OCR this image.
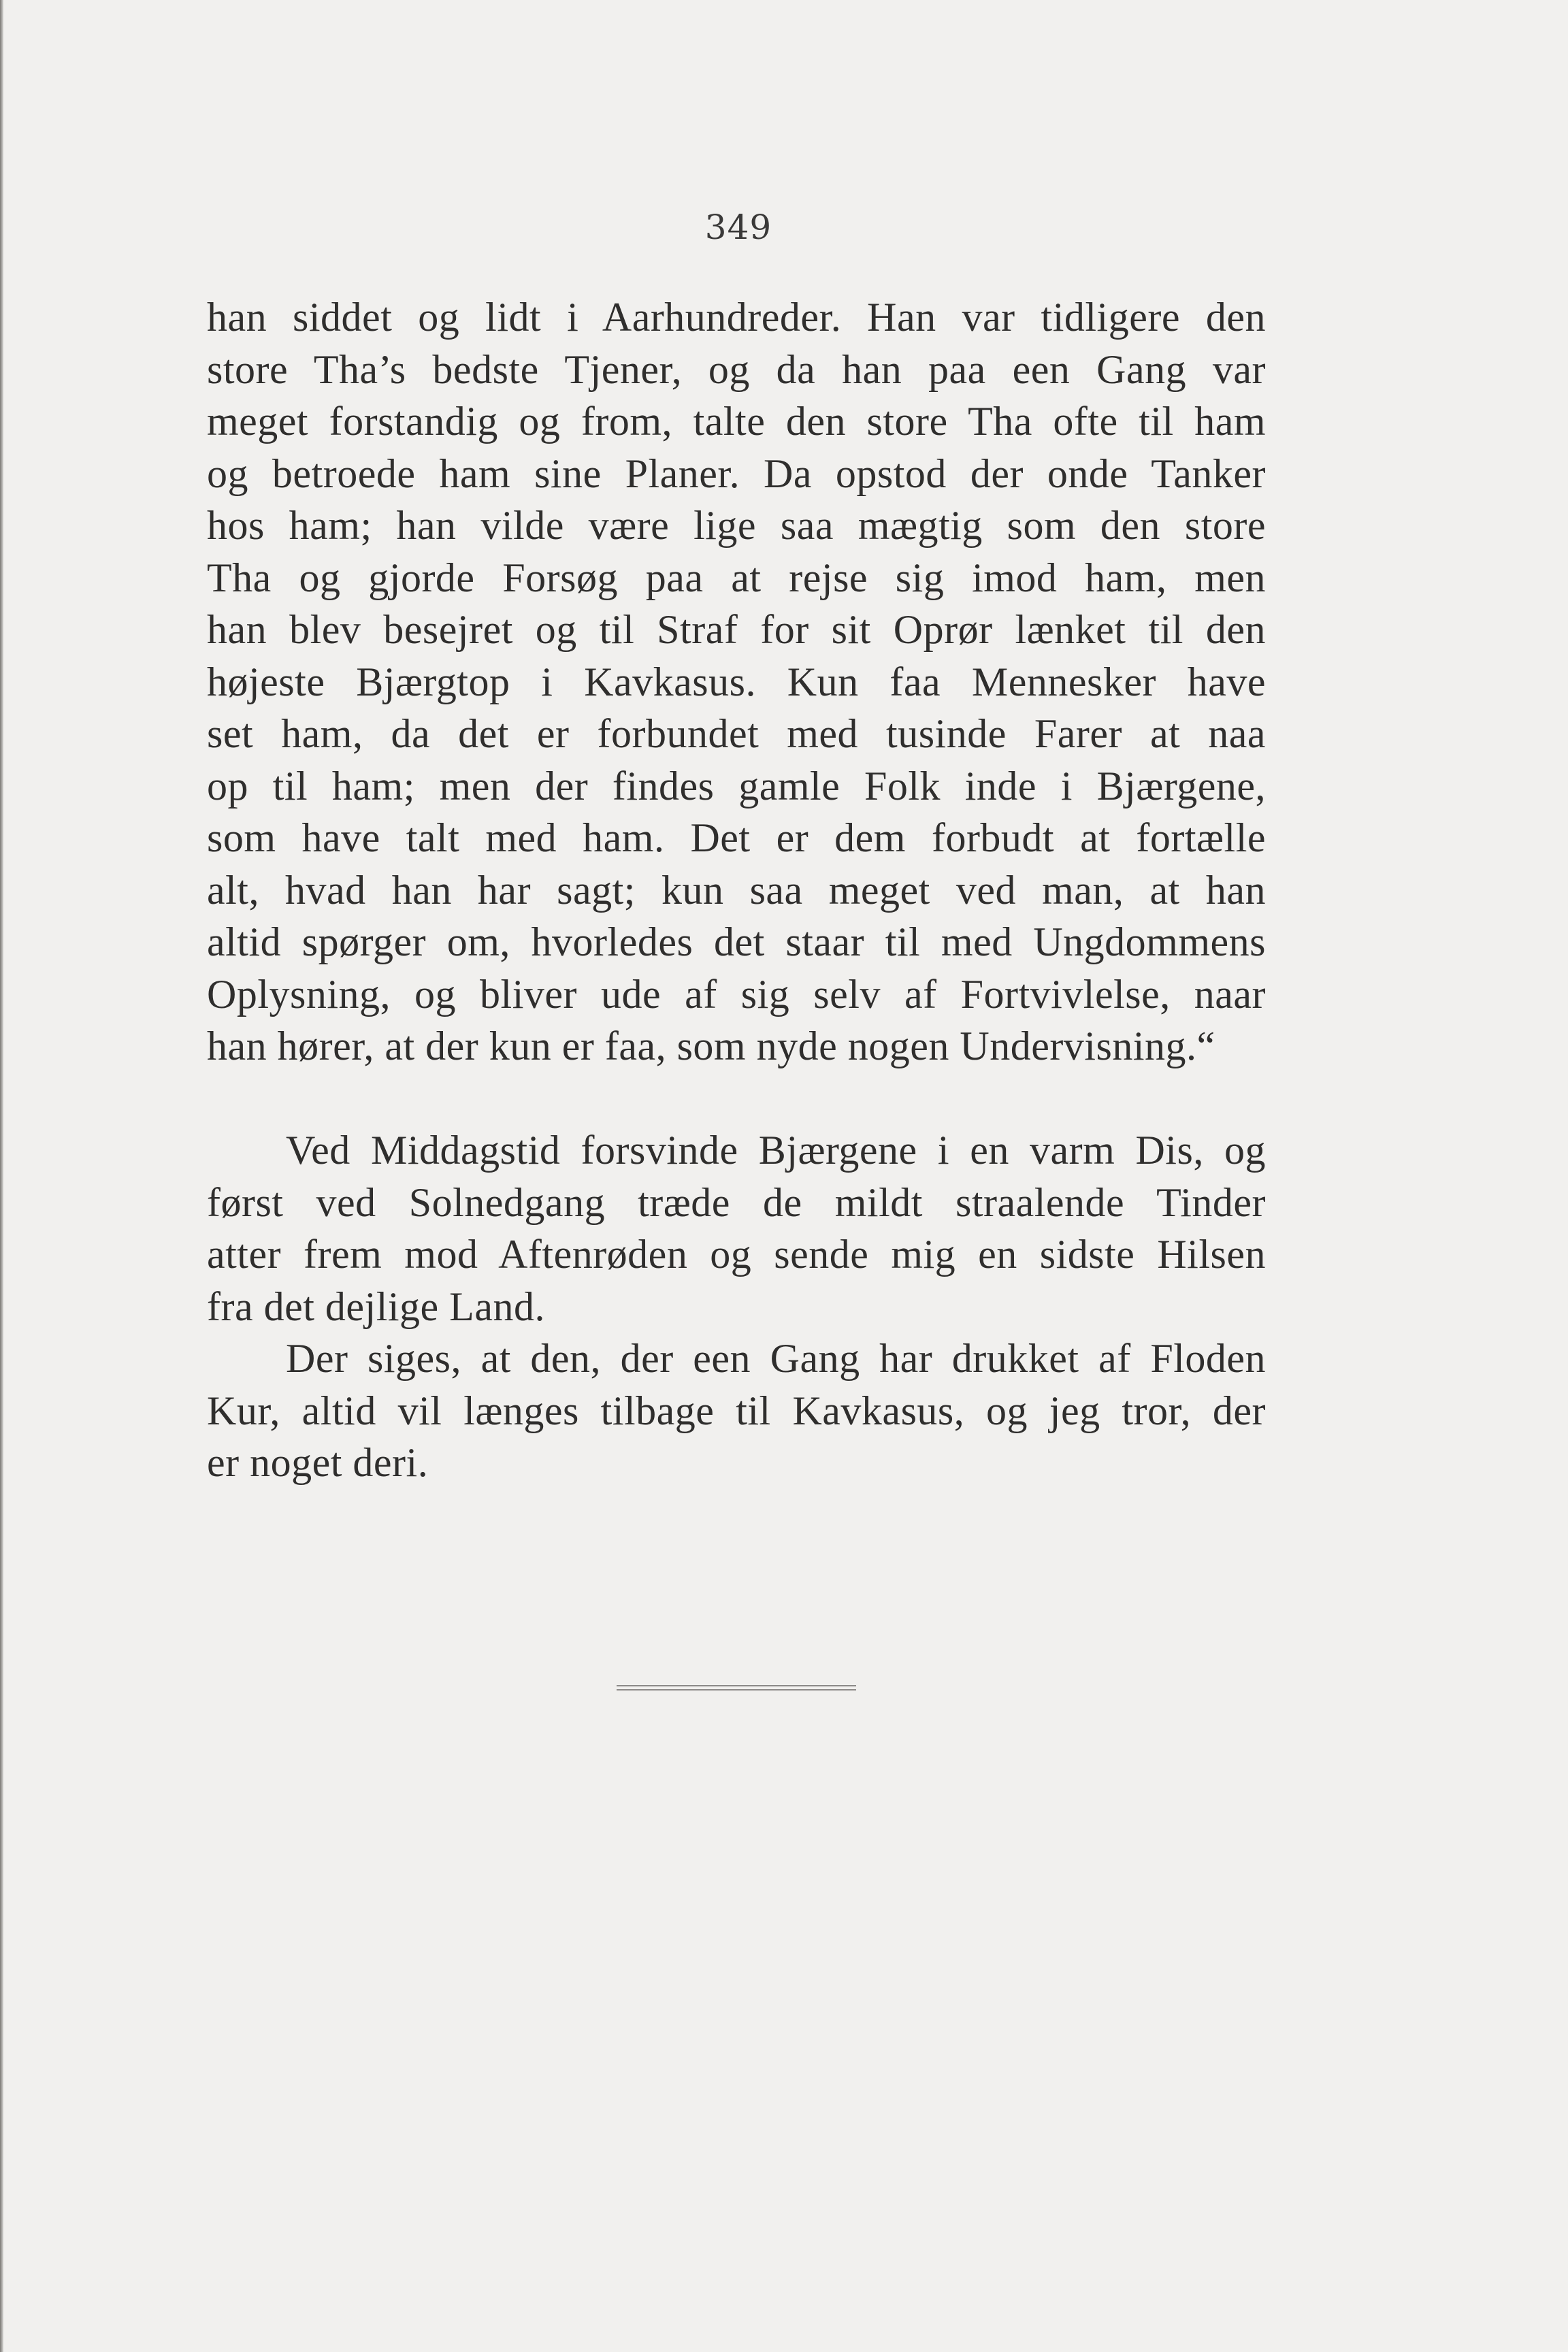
349
han siddet og lidt i Aarhundreder. Han var tidligere den
store Tha’s bedste Tjener, og da han paa een Gang var
meget forstandig og from, talte den store Tha ofte til ham
og betroede ham sine Planer. Da opstod der onde Tanker
hos ham; han vilde være lige saa mægtig som den store
Tha og gjorde Forsøg paa at rejse sig imod ham, men
han blev besejret og til Straf for sit Oprør lænket til den
højeste Bjærgtop i Kavkasus. Kun faa Mennesker have
set ham, da det er forbundet med tusinde Farer at naa
op til ham; men der findes gamle Folk inde i Bjærgene,
som have talt med ham. Det er dem forbudt at fortælle
alt, hvad han har sagt; kun saa meget ved man, at han
altid spørger om, hvorledes det staar til med Ungdommens
Oplysning, og bliver ude af sig selv af Fortvivlelse, naar
han hører, at der kun er faa, som nyde nogen Undervisning.“
Ved Middagstid forsvinde Bjærgene i en varm Dis, og
først ved Solnedgang træde de mildt straalende Tinder
atter frem mod Aftenrøden og sende mig en sidste Hilsen
fra det dejlige Land.
Der siges, at den, der een Gang har drukket af Floden
Kur, altid vil længes tilbage til Kavkasus, og jeg tror, der
er noget deri.
